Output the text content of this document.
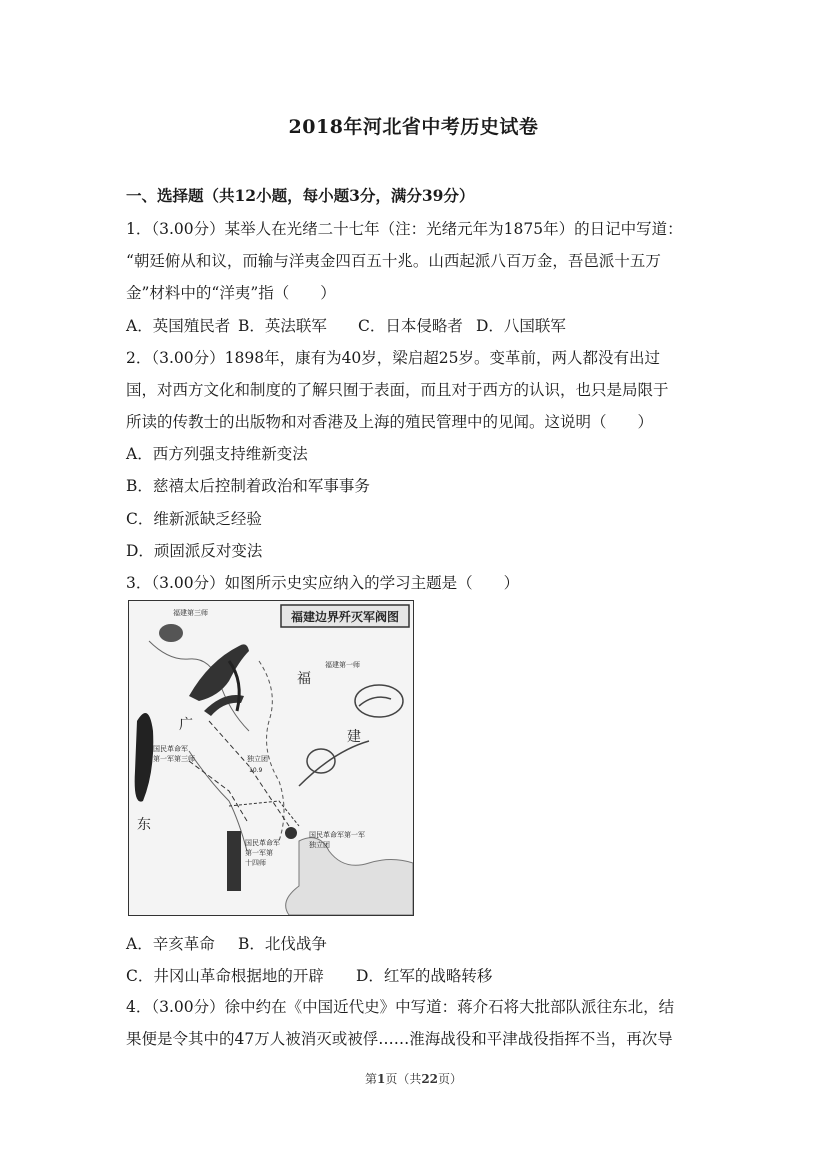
2018年河北省中考历史试卷
一、选择题（共12小题，每小题3分，满分39分）
1．（3.00分）某举人在光绪二十七年（注：光绪元年为1875年）的日记中写道：
“朝廷俯从和议，而输与洋夷金四百五十兆。山西起派八百万金，吾邑派十五万
金”材料中的“洋夷”指（　　）
A．英国殖民者 B．英法联军 C．日本侵略者 D．八国联军
2．（3.00分）1898年，康有为40岁，梁启超25岁。变革前，两人都没有出过
国，对西方文化和制度的了解只囿于表面，而且对于西方的认识，也只是局限于
所读的传教士的出版物和对香港及上海的殖民管理中的见闻。这说明（　　）
A．西方列强支持维新变法
B．慈禧太后控制着政治和军事事务
C．维新派缺乏经验
D．顽固派反对变法
3．（3.00分）如图所示史实应纳入的学习主题是（　　）
福建边界歼灭军阀图
福建第三师
福
建
福建第一师
广
独立团
10.9
国民革命军
第一军第三师
东
国民革命军第一军
独立团
国民革命军
第一军第
十四师
A．辛亥革命 B．北伐战争
C．井冈山革命根据地的开辟 D．红军的战略转移
4．（3.00分）徐中约在《中国近代史》中写道：蒋介石将大批部队派往东北，结
果便是令其中的47万人被消灭或被俘……淮海战役和平津战役指挥不当，再次导
第1页（共22页）
